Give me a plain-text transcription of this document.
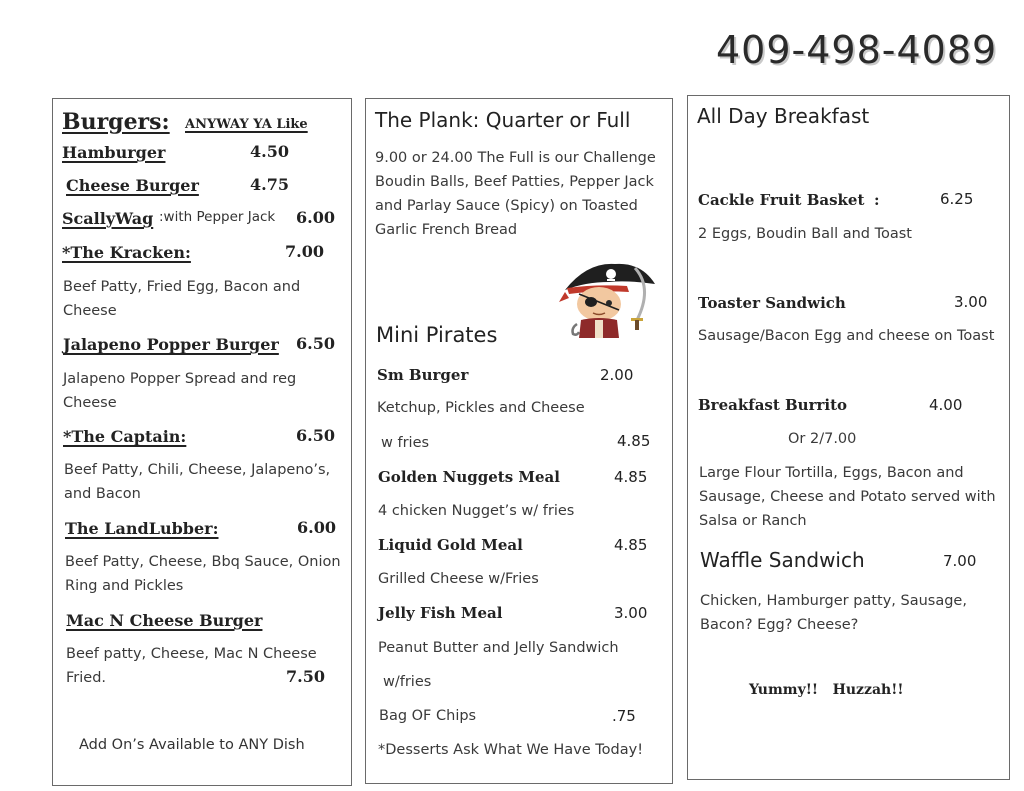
409-498-4089
Burgers: ANYWAY YA Like
Hamburger	4.50
Cheese Burger	4.75
ScallyWag :with Pepper Jack 6.00
*The Kracken:	7.00
Beef Patty, Fried Egg, Bacon and
Cheese
Jalapeno Popper Burger 6.50
Jalapeno Popper Spread and reg
Cheese
*The Captain:	6.50
Beef Patty, Chili, Cheese, Jalapeno’s,
and Bacon
The LandLubber:	6.00
Beef Patty, Cheese, Bbq Sauce, Onion
Ring and Pickles
Mac N Cheese Burger
Beef patty, Cheese, Mac N Cheese
Fried.	7.50
Add On’s Available to ANY Dish
The Plank: Quarter or Full
9.00 or 24.00 The Full is our Challenge
Boudin Balls, Beef Patties, Pepper Jack
and Parlay Sauce (Spicy) on Toasted
Garlic French Bread
Mini Pirates
Sm Burger	2.00
Ketchup, Pickles and Cheese
w fries	4.85
Golden Nuggets Meal	4.85
4 chicken Nugget’s w/ fries
Liquid Gold Meal	4.85
Grilled Cheese w/Fries
Jelly Fish Meal	3.00
Peanut Butter and Jelly Sandwich
w/fries
Bag OF Chips	.75
*Desserts Ask What We Have Today!
All Day Breakfast
Cackle Fruit Basket :	6.25
2 Eggs, Boudin Ball and Toast
Toaster Sandwich	3.00
Sausage/Bacon Egg and cheese on Toast
Breakfast Burrito	4.00
Or 2/7.00
Large Flour Tortilla, Eggs, Bacon and
Sausage, Cheese and Potato served with
Salsa or Ranch
Waffle Sandwich	7.00
Chicken, Hamburger patty, Sausage,
Bacon? Egg? Cheese?
Yummy!!   Huzzah!!
